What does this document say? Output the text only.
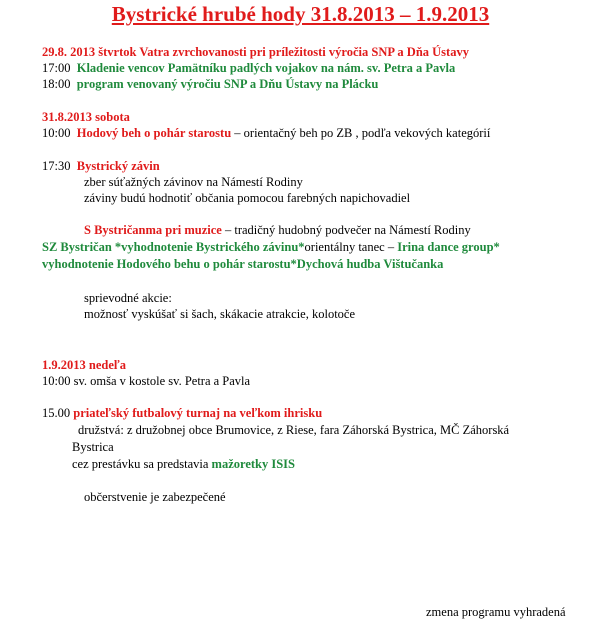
Bystrické hrubé hody 31.8.2013 – 1.9.2013
29.8. 2013 štvrtok Vatra zvrchovanosti pri príležitosti výročia SNP a Dňa Ústavy
17:00 Kladenie vencov Pamätníku padlých vojakov na nám. sv. Petra a Pavla
18:00 program venovaný výročiu SNP a Dňu Ústavy na Plácku
31.8.2013 sobota
10:00 Hodový beh o pohár starostu – orientačný beh po ZB , podľa vekových kategórií
17:30 Bystrický závin
zber súťažných závinov na Námestí Rodiny
záviny budú hodnotiť občania pomocou farebných napichovadiel
S Bystričanma pri muzice – tradičný hudobný podvečer na Námestí Rodiny
SZ Bystričan *vyhodnotenie Bystrického závinu*orientálny tanec – Irina dance group*
vyhodnotenie Hodového behu o pohár starostu*Dychová hudba Vištučanka
sprievodné akcie:
možnosť vyskúšať si šach, skákacie atrakcie, kolotoče
1.9.2013 nedeľa
10:00 sv. omša v kostole sv. Petra a Pavla
15.00 priateľský futbalový turnaj na veľkom ihrisku
družstvá: z družobnej obce Brumovice, z Riese, fara Záhorská Bystrica, MČ Záhorská
Bystrica
cez prestávku sa predstavia mažoretky ISIS
občerstvenie je zabezpečené
zmena programu vyhradená
